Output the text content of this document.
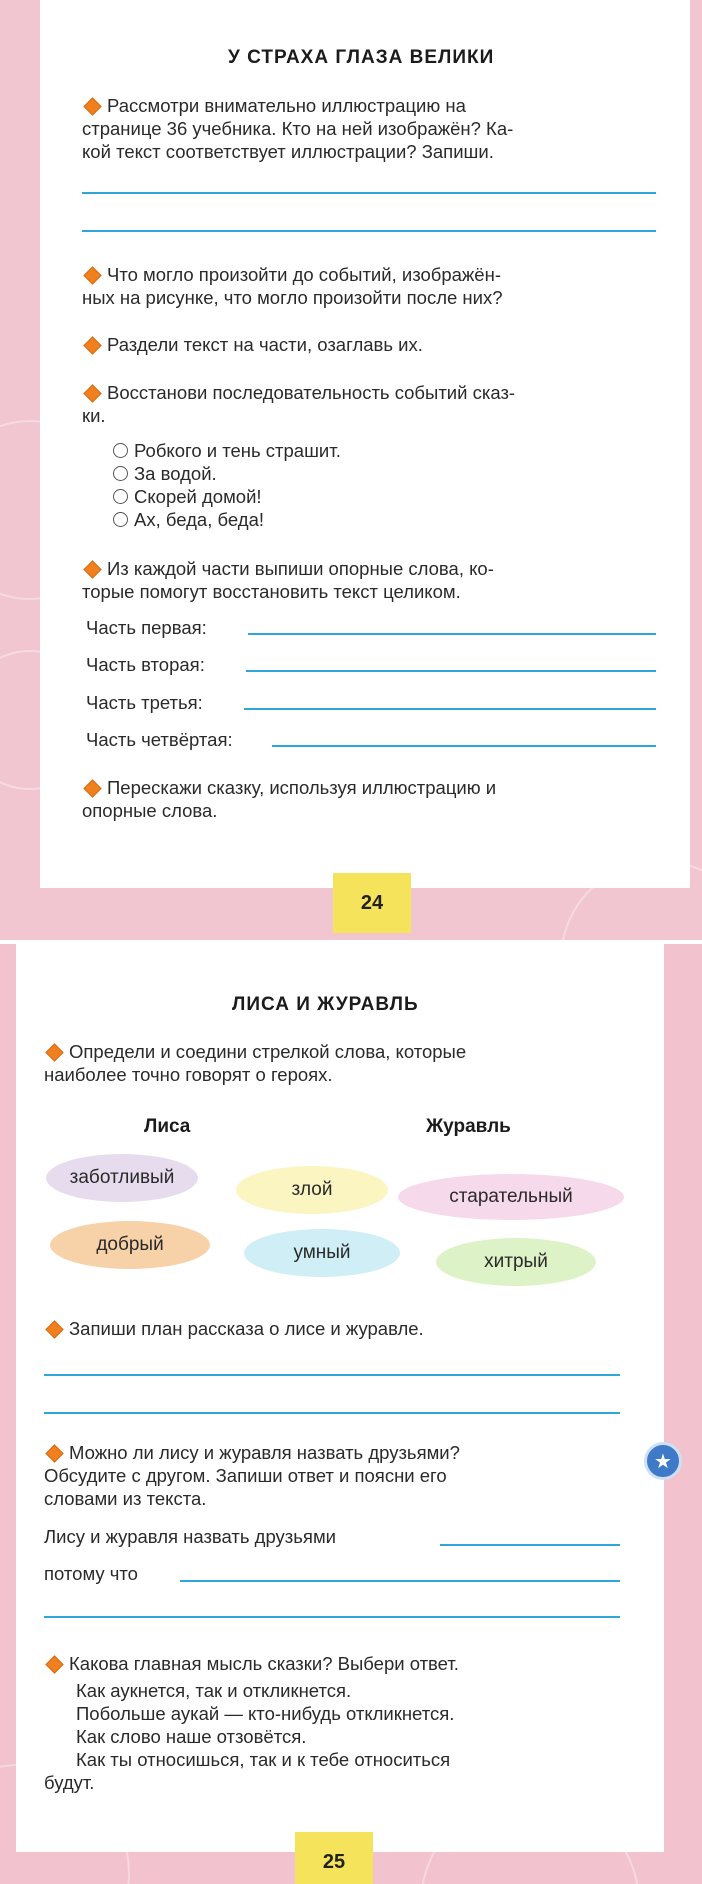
У СТРАХА ГЛАЗА ВЕЛИКИ
Рассмотри внимательно иллюстрацию на
странице 36 учебника. Кто на ней изображён? Ка-
кой текст соответствует иллюстрации? Запиши.
Что могло произойти до событий, изображён-
ных на рисунке, что могло произойти после них?
Раздели текст на части, озаглавь их.
Восстанови последовательность событий сказ-
ки.
Робкого и тень страшит.
За водой.
Скорей домой!
Ах, беда, беда!
Из каждой части выпиши опорные слова, ко-
торые помогут восстановить текст целиком.
Часть первая:
Часть вторая:
Часть третья:
Часть четвёртая:
Перескажи сказку, используя иллюстрацию и
опорные слова.
24
ЛИСА И ЖУРАВЛЬ
Определи и соедини стрелкой слова, которые
наиболее точно говорят о героях.
Лиса	Журавль
заботливый
злой	старательный
добрый	умный	хитрый
Запиши план рассказа о лисе и журавле.
Можно ли лису и журавля назвать друзьями?
Обсудите с другом. Запиши ответ и поясни его
словами из текста.
Лису и журавля назвать друзьями
потому что
Какова главная мысль сказки? Выбери ответ.
Как аукнется, так и откликнется.
Побольше аукай — кто-нибудь откликнется.
Как слово наше отзовётся.
Как ты относишься, так и к тебе относиться
будут.
★
25
